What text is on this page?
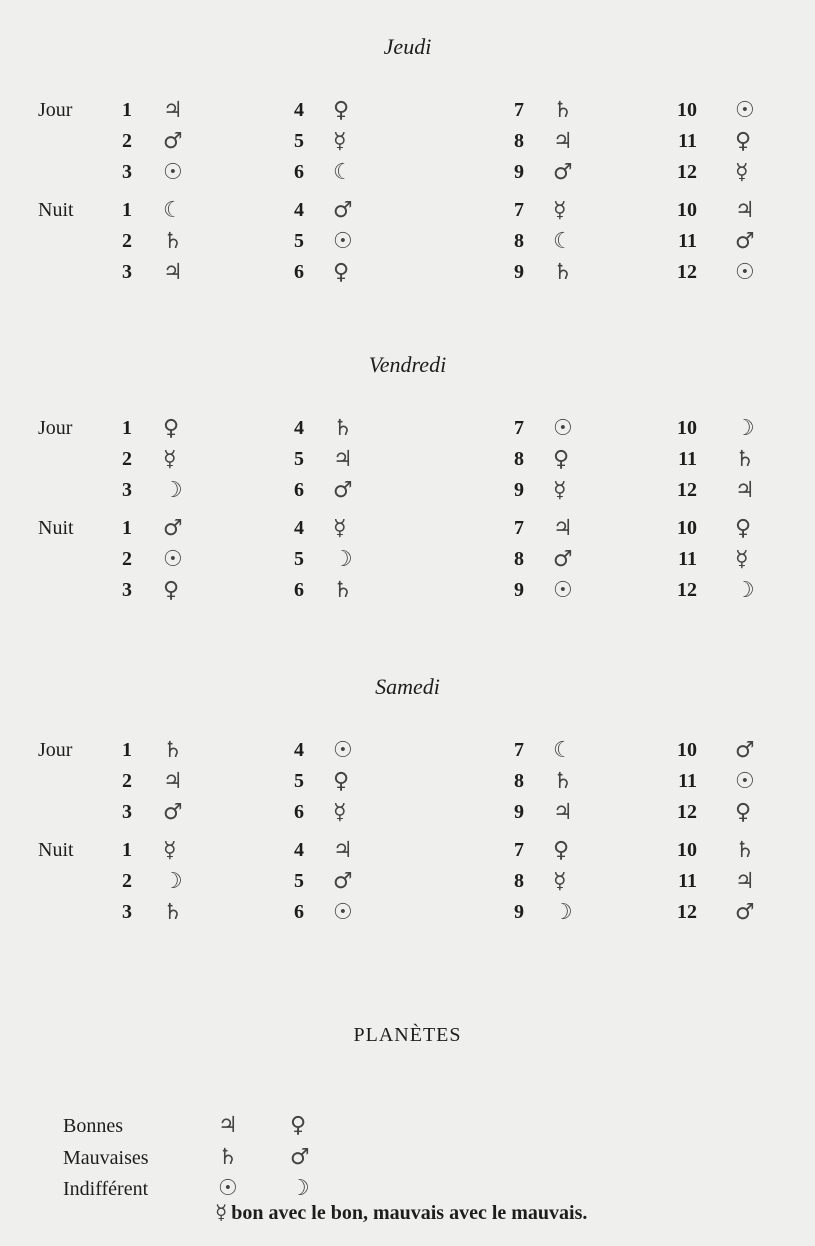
Jeudi
Jour	1 ♃	4 ♀	7 ♄	10 ☉
2 ♂	5 ☿	8 ♃	11 ♀
3 ☉	6 ☾	9 ♂	12 ☿
Nuit	1 ☾	4 ♂	7 ☿	10 ♃
2 ♄	5 ☉	8 ☾	11 ♂
3 ♃	6 ♀	9 ♄	12 ☉
Vendredi
Jour	1 ♀	4 ♄	7 ☉	10 ☽
2 ☿	5 ♃	8 ♀	11 ♄
3 ☽	6 ♂	9 ☿	12 ♃
Nuit	1 ♂	4 ☿	7 ♃	10 ♀
2 ☉	5 ☽	8 ♂	11 ☿
3 ♀	6 ♄	9 ☉	12 ☽
Samedi
Jour	1 ♄	4 ☉	7 ☾	10 ♂
2 ♃	5 ♀	8 ♄	11 ☉
3 ♂	6 ☿	9 ♃	12 ♀
Nuit	1 ☿	4 ♃	7 ♀	10 ♄
2 ☽	5 ♂	8 ☿	11 ♃
3 ♄	6 ☉	9 ☽	12 ♂
PLANÈTES
Bonnes	♃ ♀
Mauvaises	♄ ♂
Indifférent	☉ ☽
☿ bon avec le bon, mauvais avec le mauvais.
